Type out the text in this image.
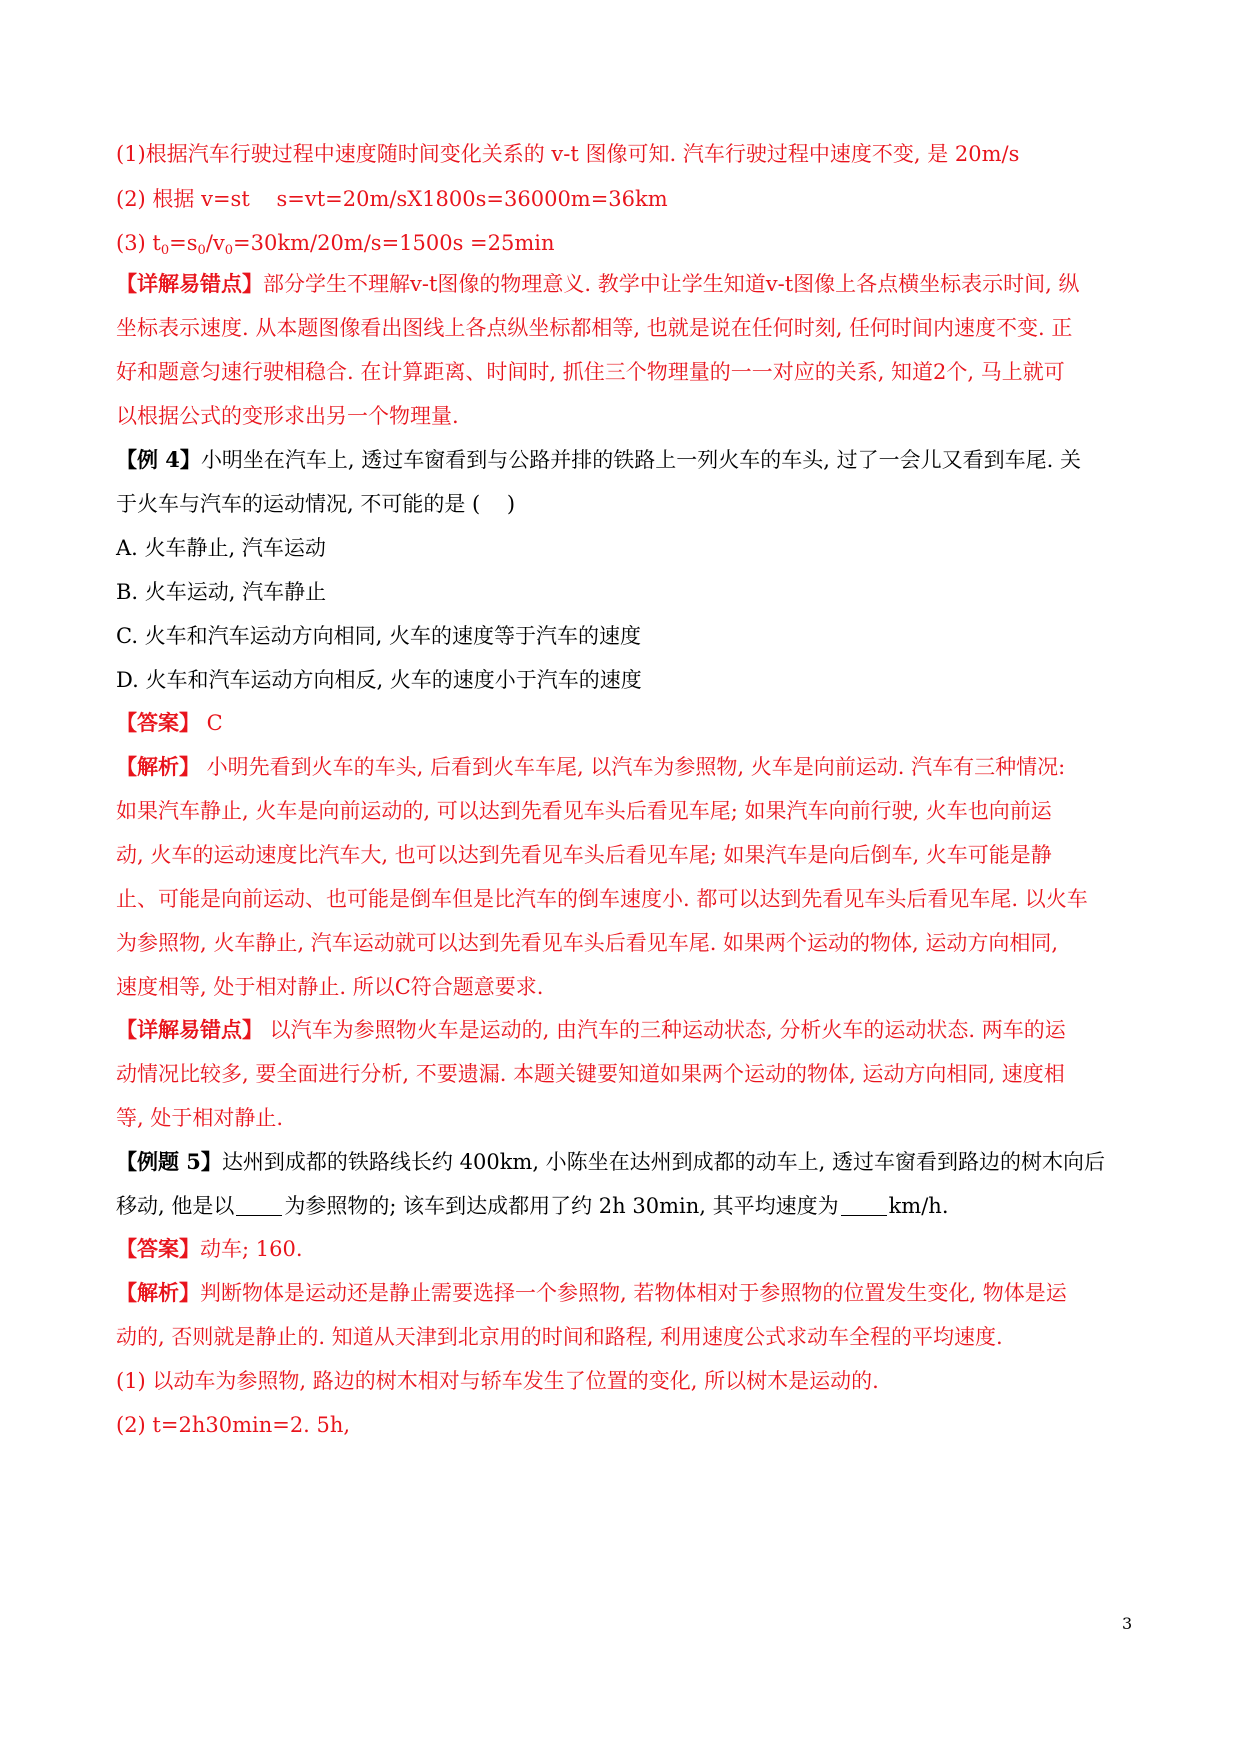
(1)根据汽车行驶过程中速度随时间变化关系的 v-t 图像可知. 汽车行驶过程中速度不变, 是 20m/s
(2) 根据 v=st    s=vt=20m/sX1800s=36000m=36km
(3) $t_0=s_0/v_0=30km/20m/s=1500s =25\min$
【详解易错点】部分学生不理解v-t图像的物理意义. 教学中让学生知道v-t图像上各点横坐标表示时间, 纵
坐标表示速度. 从本题图像看出图线上各点纵坐标都相等, 也就是说在任何时刻, 任何时间内速度不变. 正
好和题意匀速行驶相稳合. 在计算距离、时间时, 抓住三个物理量的一一对应的关系, 知道2个, 马上就可
以根据公式的变形求出另一个物理量.
【例 4】小明坐在汽车上, 透过车窗看到与公路并排的铁路上一列火车的车头, 过了一会儿又看到车尾. 关
于火车与汽车的运动情况, 不可能的是 (    )
A. 火车静止, 汽车运动
B. 火车运动, 汽车静止
C. 火车和汽车运动方向相同, 火车的速度等于汽车的速度
D. 火车和汽车运动方向相反, 火车的速度小于汽车的速度
【答案】 C
【解析】 小明先看到火车的车头, 后看到火车车尾, 以汽车为参照物, 火车是向前运动. 汽车有三种情况:
如果汽车静止, 火车是向前运动的, 可以达到先看见车头后看见车尾; 如果汽车向前行驶, 火车也向前运
动, 火车的运动速度比汽车大, 也可以达到先看见车头后看见车尾; 如果汽车是向后倒车, 火车可能是静
止、可能是向前运动、也可能是倒车但是比汽车的倒车速度小. 都可以达到先看见车头后看见车尾. 以火车
为参照物, 火车静止, 汽车运动就可以达到先看见车头后看见车尾. 如果两个运动的物体, 运动方向相同,
速度相等, 处于相对静止. 所以C符合题意要求.
【详解易错点】 以汽车为参照物火车是运动的, 由汽车的三种运动状态, 分析火车的运动状态. 两车的运
动情况比较多, 要全面进行分析, 不要遗漏. 本题关键要知道如果两个运动的物体, 运动方向相同, 速度相
等, 处于相对静止.
【例题 5】达州到成都的铁路线长约 400km, 小陈坐在达州到成都的动车上, 透过车窗看到路边的树木向后
移动, 他是以 为参照物的; 该车到达成都用了约 2h 30min, 其平均速度为 km/h.
【答案】动车; 160.
【解析】判断物体是运动还是静止需要选择一个参照物, 若物体相对于参照物的位置发生变化, 物体是运
动的, 否则就是静止的. 知道从天津到北京用的时间和路程, 利用速度公式求动车全程的平均速度.
(1) 以动车为参照物, 路边的树木相对与轿车发生了位置的变化, 所以树木是运动的.
(2) t=2h30min=2. 5h,
3
